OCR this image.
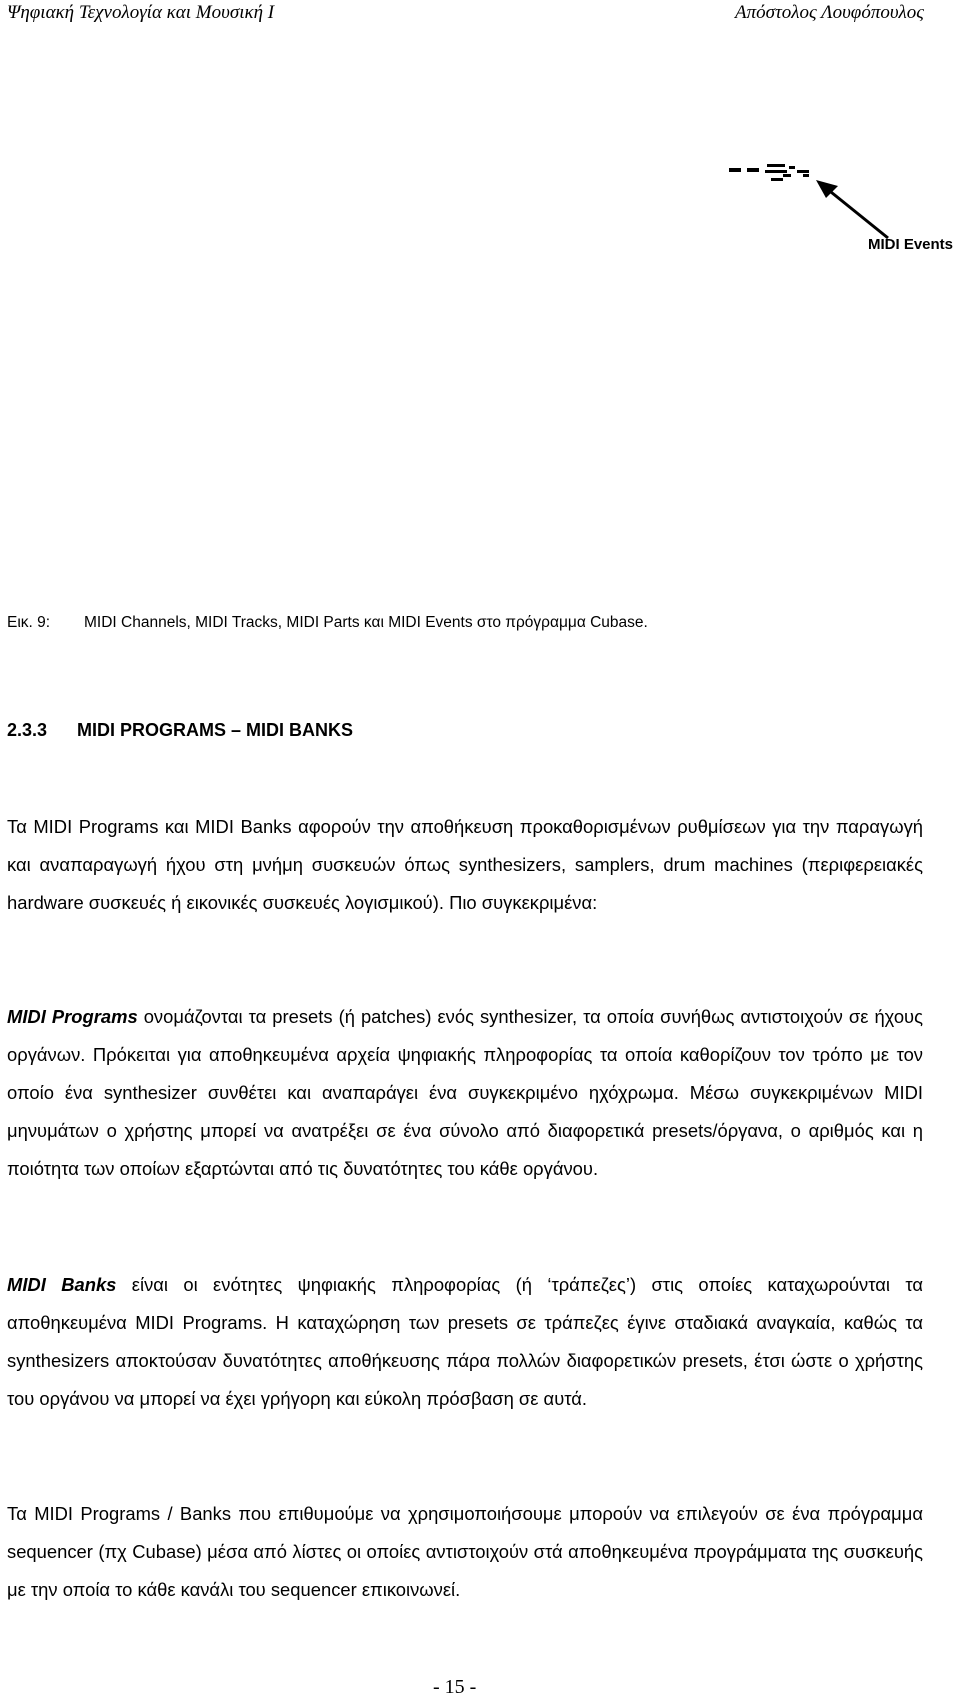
Ψηφιακή Τεχνολογία και Μουσική Ι	Απόστολος Λουφόπουλος
MIDI Events
Εικ. 9: MIDI Channels, MIDI Tracks, MIDI Parts και MIDI Events στο πρόγραμμα Cubase.
2.3.3 MIDI PROGRAMS – MIDI BANKS

Τα MIDI Programs και MIDI Banks αφορούν την αποθήκευση προκαθορισμένων ρυθμίσεων για την παραγωγή και αναπαραγωγή ήχου στη μνήμη συσκευών όπως synthesizers, samplers, drum machines (περιφερειακές hardware συσκευές ή εικονικές συσκευές λογισμικού). Πιο συγκεκριμένα:

MIDI Programs ονομάζονται τα presets (ή patches) ενός synthesizer, τα οποία συνήθως αντιστοιχούν σε ήχους οργάνων. Πρόκειται για αποθηκευμένα αρχεία ψηφιακής πληροφορίας τα οποία καθορίζουν τον τρόπο με τον οποίο ένα synthesizer συνθέτει και αναπαράγει ένα συγκεκριμένο ηχόχρωμα. Μέσω συγκεκριμένων MIDI μηνυμάτων ο χρήστης μπορεί να ανατρέξει σε ένα σύνολο από διαφορετικά presets/όργανα, ο αριθμός και η ποιότητα των οποίων εξαρτώνται από τις δυνατότητες του κάθε οργάνου.

MIDI Banks είναι οι ενότητες ψηφιακής πληροφορίας (ή ‘τράπεζες’) στις οποίες καταχωρούνται τα αποθηκευμένα MIDI Programs. Η καταχώρηση των presets σε τράπεζες έγινε σταδιακά αναγκαία, καθώς τα synthesizers αποκτούσαν δυνατότητες αποθήκευσης πάρα πολλών διαφορετικών presets, έτσι ώστε ο χρήστης του οργάνου να μπορεί να έχει γρήγορη και εύκολη πρόσβαση σε αυτά.

Τα MIDI Programs / Banks που επιθυμούμε να χρησιμοποιήσουμε μπορούν να επιλεγούν σε ένα πρόγραμμα sequencer (πχ Cubase) μέσα από λίστες οι οποίες αντιστοιχούν στά αποθηκευμένα προγράμματα της συσκευής με την οποία το κάθε κανάλι του sequencer επικοινωνεί.

- 15 -
